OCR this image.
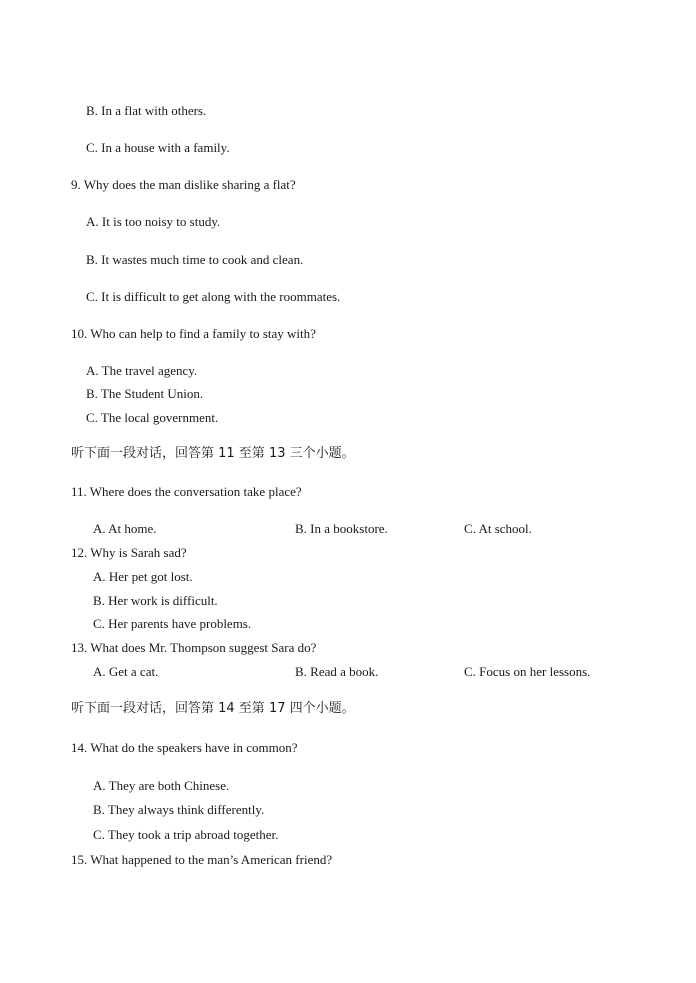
B. In a flat with others.
C. In a house with a family.
9. Why does the man dislike sharing a flat?
A. It is too noisy to study.
B. It wastes much time to cook and clean.
C. It is difficult to get along with the roommates.
10. Who can help to find a family to stay with?
A. The travel agency.
B. The Student Union.
C. The local government.
听下面一段对话，回答第 11 至第 13 三个小题。
11. Where does the conversation take place?
A. At home.	B. In a bookstore.	C. At school.
12. Why is Sarah sad?
A. Her pet got lost.
B. Her work is difficult.
C. Her parents have problems.
13. What does Mr. Thompson suggest Sara do?
A. Get a cat.	B. Read a book.	C. Focus on her lessons.
听下面一段对话，回答第 14 至第 17 四个小题。
14. What do the speakers have in common?
A. They are both Chinese.
B. They always think differently.
C. They took a trip abroad together.
15. What happened to the man’s American friend?
